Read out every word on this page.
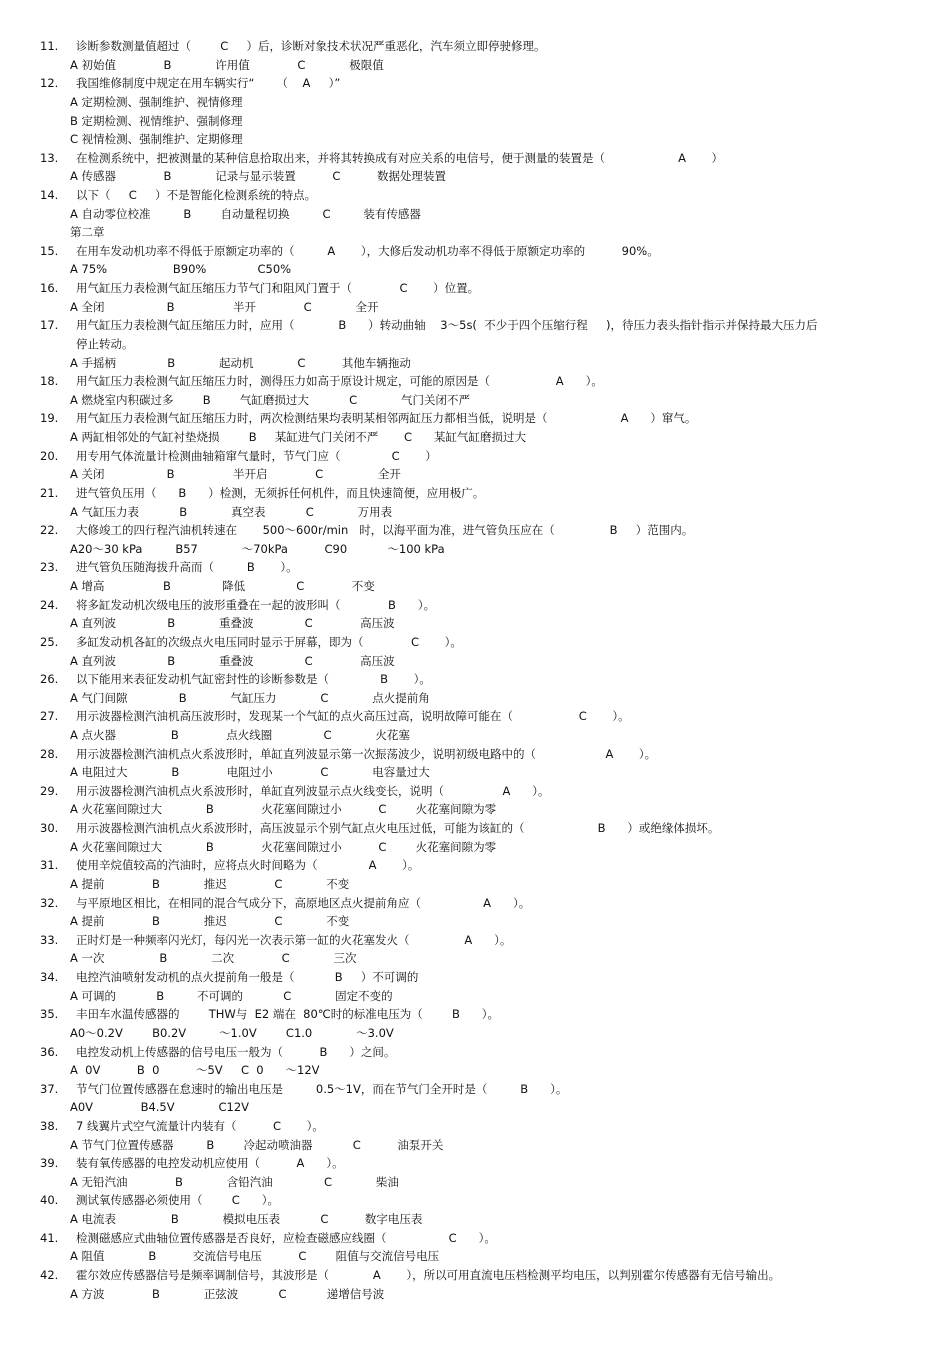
11.	诊断参数测量值超过（        C     ）后，诊断对象技术状况严重恶化，汽车须立即停驶修理。
A 初始值             B            许用值             C            极限值
12.	我国维修制度中规定在用车辆实行“      （    A     ）”
A 定期检测、强制维护、视情修理
B 定期检测、视情维护、强制修理
C 视情检测、强制维护、定期修理
13.	在检测系统中，把被测量的某种信息拾取出来，并将其转换成有对应关系的电信号，便于测量的装置是（                    A       ）
A 传感器             B            记录与显示装置          C          数据处理装置
14.	以下（     C     ）不是智能化检测系统的特点。
A 自动零位校准         B        自动量程切换         C         装有传感器
第二章
15.	在用车发动机功率不得低于原额定功率的（         A       ），大修后发动机功率不得低于原额定功率的          90%。
A 75%                  B90%              C50%
16.	用气缸压力表检测气缸压缩压力节气门和阻风门置于（             C       ）位置。
A 全闭                 B                半开             C            全开
17.	用气缸压力表检测气缸压缩压力时，应用（            B      ）转动曲轴    3～5s(  不少于四个压缩行程     )，待压力表头指针指示并保持最大压力后
停止转动。
A 手摇柄              B            起动机            C          其他车辆拖动
18.	用气缸压力表检测气缸压缩压力时，测得压力如高于原设计规定，可能的原因是（                  A      ）。
A 燃烧室内积碳过多        B        气缸磨损过大           C            气门关闭不严
19.	用气缸压力表检测气缸压缩压力时，两次检测结果均表明某相邻两缸压力都相当低，说明是（                    A      ）窜气。
A 两缸相邻处的气缸衬垫烧损        B     某缸进气门关闭不严       C      某缸气缸磨损过大
20.	用专用气体流量计检测曲轴箱窜气量时，节气门应（              C       ）
A 关闭                 B                半开启             C               全开
21.	进气管负压用（      B      ）检测，无须拆任何机件，而且快速简便，应用极广。
A 气缸压力表           B            真空表           C            万用表
22.	大修竣工的四行程汽油机转速在       500～600r/min   时，以海平面为准，进气管负压应在（               B     ）范围内。
A20～30 kPa         B57            ～70kPa          C90           ～100 kPa
23.	进气管负压随海拔升高而（         B       ）。
A 增高                B              降低              C             不变
24.	将多缸发动机次级电压的波形重叠在一起的波形叫（             B      ）。
A 直列波              B            重叠波              C             高压波
25.	多缸发动机各缸的次级点火电压同时显示于屏幕，即为（             C       ）。
A 直列波              B            重叠波              C             高压波
26.	以下能用来表征发动机气缸密封性的诊断参数是（              B       ）。
A 气门间隙              B            气缸压力            C            点火提前角
27.	用示波器检测汽油机高压波形时，发现某一个气缸的点火高压过高，说明故障可能在（                  C       ）。
A 点火器               B             点火线圈              C            火花塞
28.	用示波器检测汽油机点火系波形时，单缸直列波显示第一次振荡波少，说明初级电路中的（                   A       ）。
A 电阻过大            B             电阻过小             C            电容量过大
29.	用示波器检测汽油机点火系波形时，单缸直列波显示点火线变长，说明（                A      ）。
A 火花塞间隙过大            B             火花塞间隙过小          C        火花塞间隙为零
30.	用示波器检测汽油机点火系波形时，高压波显示个别气缸点火电压过低，可能为该缸的（                    B      ）或绝缘体损坏。
A 火花塞间隙过大            B             火花塞间隙过小          C        火花塞间隙为零
31.	使用辛烷值较高的汽油时，应将点火时间略为（              A       ）。
A 提前             B            推迟             C            不变
32.	与平原地区相比，在相同的混合气成分下，高原地区点火提前角应（                 A      ）。
A 提前             B            推迟             C            不变
33.	正时灯是一种频率闪光灯，每闪光一次表示第一缸的火花塞发火（               A      ）。
A 一次               B            二次             C            三次
34.	电控汽油喷射发动机的点火提前角一般是（           B     ）不可调的
A 可调的           B         不可调的           C            固定不变的
35.	丰田车水温传感器的        THW与  E2 端在  80℃时的标准电压为（        B      ）。
A0～0.2V        B0.2V         ～1.0V        C1.0            ～3.0V
36.	电控发动机上传感器的信号电压一般为（          B      ）之间。
A  0V          B  0          ～5V     C  0      ～12V
37.	节气门位置传感器在怠速时的输出电压是         0.5～1V，而在节气门全开时是（         B      ）。
A0V             B4.5V            C12V
38.	7 线翼片式空气流量计内装有（          C       ）。
A 节气门位置传感器         B        冷起动喷油器           C          油泵开关
39.	装有氧传感器的电控发动机应使用（          A      ）。
A 无铅汽油             B            含铅汽油              C            柴油
40.	测试氧传感器必须使用（        C      ）。
A 电流表               B            模拟电压表           C          数字电压表
41.	检测磁感应式曲轴位置传感器是否良好，应检查磁感应线圈（                 C      ）。
A 阻值            B          交流信号电压          C        阻值与交流信号电压
42.	霍尔效应传感器信号是频率调制信号，其波形是（            A       ），所以可用直流电压档检测平均电压，以判别霍尔传感器有无信号输出。
A 方波             B            正弦波           C           递增信号波
